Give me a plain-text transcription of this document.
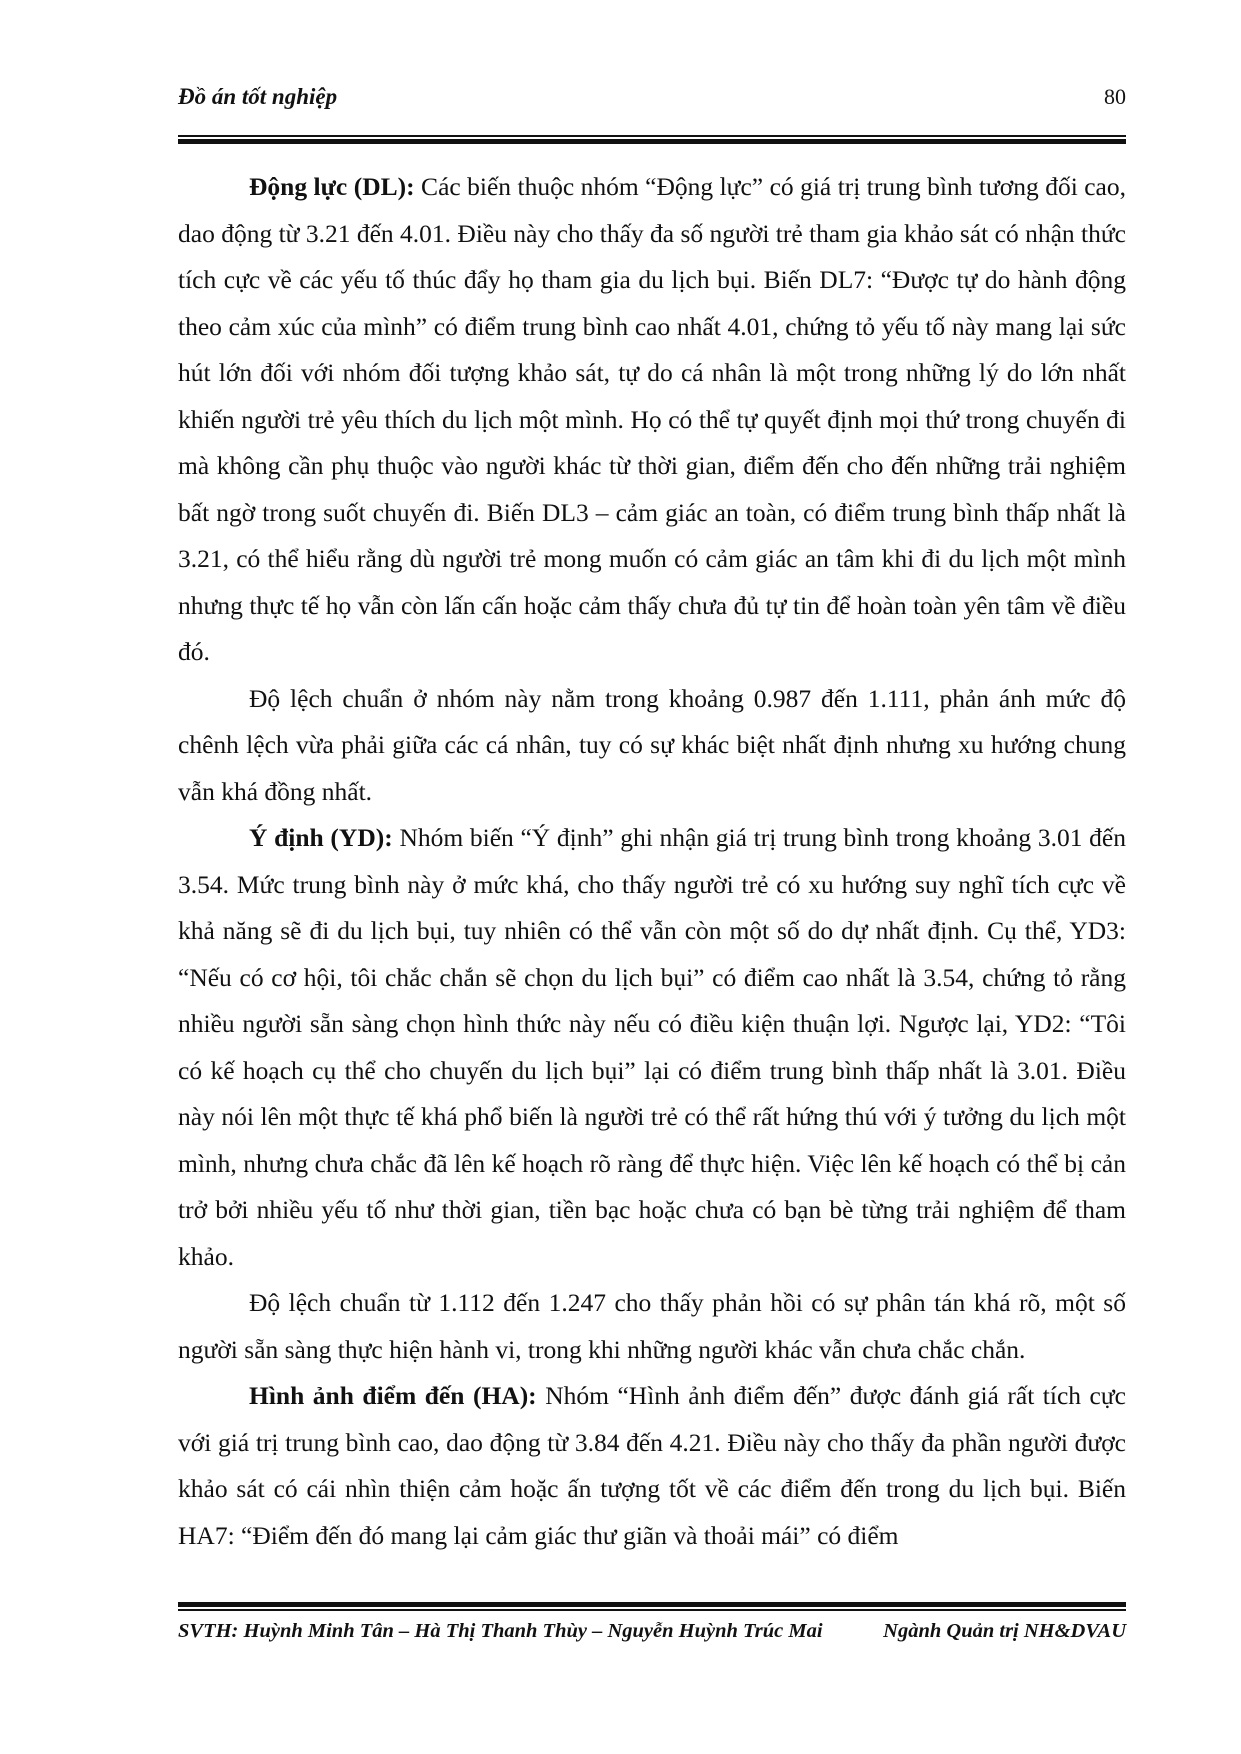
Đồ án tốt nghiệp	80

Động lực (DL): Các biến thuộc nhóm “Động lực” có giá trị trung bình tương đối cao, dao động từ 3.21 đến 4.01. Điều này cho thấy đa số người trẻ tham gia khảo sát có nhận thức tích cực về các yếu tố thúc đẩy họ tham gia du lịch bụi. Biến DL7: “Được tự do hành động theo cảm xúc của mình” có điểm trung bình cao nhất 4.01, chứng tỏ yếu tố này mang lại sức hút lớn đối với nhóm đối tượng khảo sát, tự do cá nhân là một trong những lý do lớn nhất khiến người trẻ yêu thích du lịch một mình. Họ có thể tự quyết định mọi thứ trong chuyến đi mà không cần phụ thuộc vào người khác từ thời gian, điểm đến cho đến những trải nghiệm bất ngờ trong suốt chuyến đi. Biến DL3 – cảm giác an toàn, có điểm trung bình thấp nhất là 3.21, có thể hiểu rằng dù người trẻ mong muốn có cảm giác an tâm khi đi du lịch một mình nhưng thực tế họ vẫn còn lấn cấn hoặc cảm thấy chưa đủ tự tin để hoàn toàn yên tâm về điều đó.

Độ lệch chuẩn ở nhóm này nằm trong khoảng 0.987 đến 1.111, phản ánh mức độ chênh lệch vừa phải giữa các cá nhân, tuy có sự khác biệt nhất định nhưng xu hướng chung vẫn khá đồng nhất.

Ý định (YD): Nhóm biến “Ý định” ghi nhận giá trị trung bình trong khoảng 3.01 đến 3.54. Mức trung bình này ở mức khá, cho thấy người trẻ có xu hướng suy nghĩ tích cực về khả năng sẽ đi du lịch bụi, tuy nhiên có thể vẫn còn một số do dự nhất định. Cụ thể, YD3: “Nếu có cơ hội, tôi chắc chắn sẽ chọn du lịch bụi” có điểm cao nhất là 3.54, chứng tỏ rằng nhiều người sẵn sàng chọn hình thức này nếu có điều kiện thuận lợi. Ngược lại, YD2: “Tôi có kế hoạch cụ thể cho chuyến du lịch bụi” lại có điểm trung bình thấp nhất là 3.01. Điều này nói lên một thực tế khá phổ biến là người trẻ có thể rất hứng thú với ý tưởng du lịch một mình, nhưng chưa chắc đã lên kế hoạch rõ ràng để thực hiện. Việc lên kế hoạch có thể bị cản trở bởi nhiều yếu tố như thời gian, tiền bạc hoặc chưa có bạn bè từng trải nghiệm để tham khảo.

Độ lệch chuẩn từ 1.112 đến 1.247 cho thấy phản hồi có sự phân tán khá rõ, một số người sẵn sàng thực hiện hành vi, trong khi những người khác vẫn chưa chắc chắn.

Hình ảnh điểm đến (HA): Nhóm “Hình ảnh điểm đến” được đánh giá rất tích cực với giá trị trung bình cao, dao động từ 3.84 đến 4.21. Điều này cho thấy đa phần người được khảo sát có cái nhìn thiện cảm hoặc ấn tượng tốt về các điểm đến trong du lịch bụi. Biến HA7: “Điểm đến đó mang lại cảm giác thư giãn và thoải mái” có điểm

SVTH: Huỳnh Minh Tân – Hà Thị Thanh Thùy – Nguyễn Huỳnh Trúc Mai	Ngành Quản trị NH&DVAU
